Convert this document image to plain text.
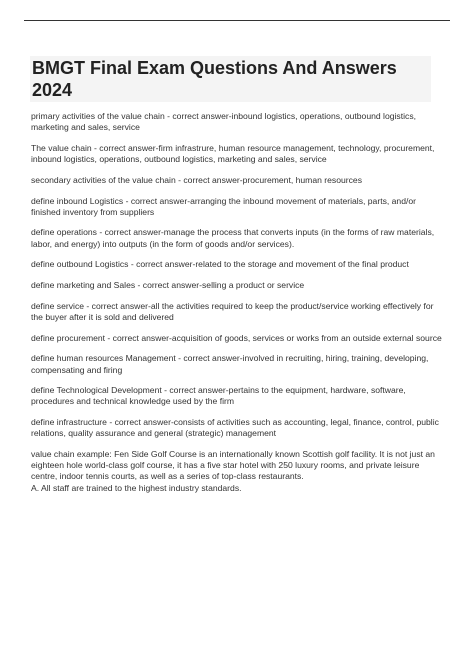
BMGT Final Exam Questions And Answers 2024

primary activities of the value chain - correct answer-inbound logistics, operations, outbound logistics, marketing and sales, service

The value chain - correct answer-firm infrastrure, human resource management, technology, procurement, inbound logistics, operations, outbound logistics, marketing and sales, service

secondary activities of the value chain - correct answer-procurement, human resources

define inbound Logistics - correct answer-arranging the inbound movement of materials, parts, and/or finished inventory from suppliers

define operations - correct answer-manage the process that converts inputs (in the forms of raw materials, labor, and energy) into outputs (in the form of goods and/or services).

define outbound Logistics - correct answer-related to the storage and movement of the final product

define marketing and Sales - correct answer-selling a product or service

define service - correct answer-all the activities required to keep the product/service working effectively for the buyer after it is sold and delivered

define procurement - correct answer-acquisition of goods, services or works from an outside external source

define human resources Management - correct answer-involved in recruiting, hiring, training, developing, compensating and firing

define Technological Development - correct answer-pertains to the equipment, hardware, software, procedures and technical knowledge used by the firm

define infrastructure - correct answer-consists of activities such as accounting, legal, finance, control, public relations, quality assurance and general (strategic) management

value chain example: Fen Side Golf Course is an internationally known Scottish golf facility. It is not just an eighteen hole world-class golf course, it has a five star hotel with 250 luxury rooms, and private leisure centre, indoor tennis courts, as well as a series of top-class restaurants.
A. All staff are trained to the highest industry standards.
